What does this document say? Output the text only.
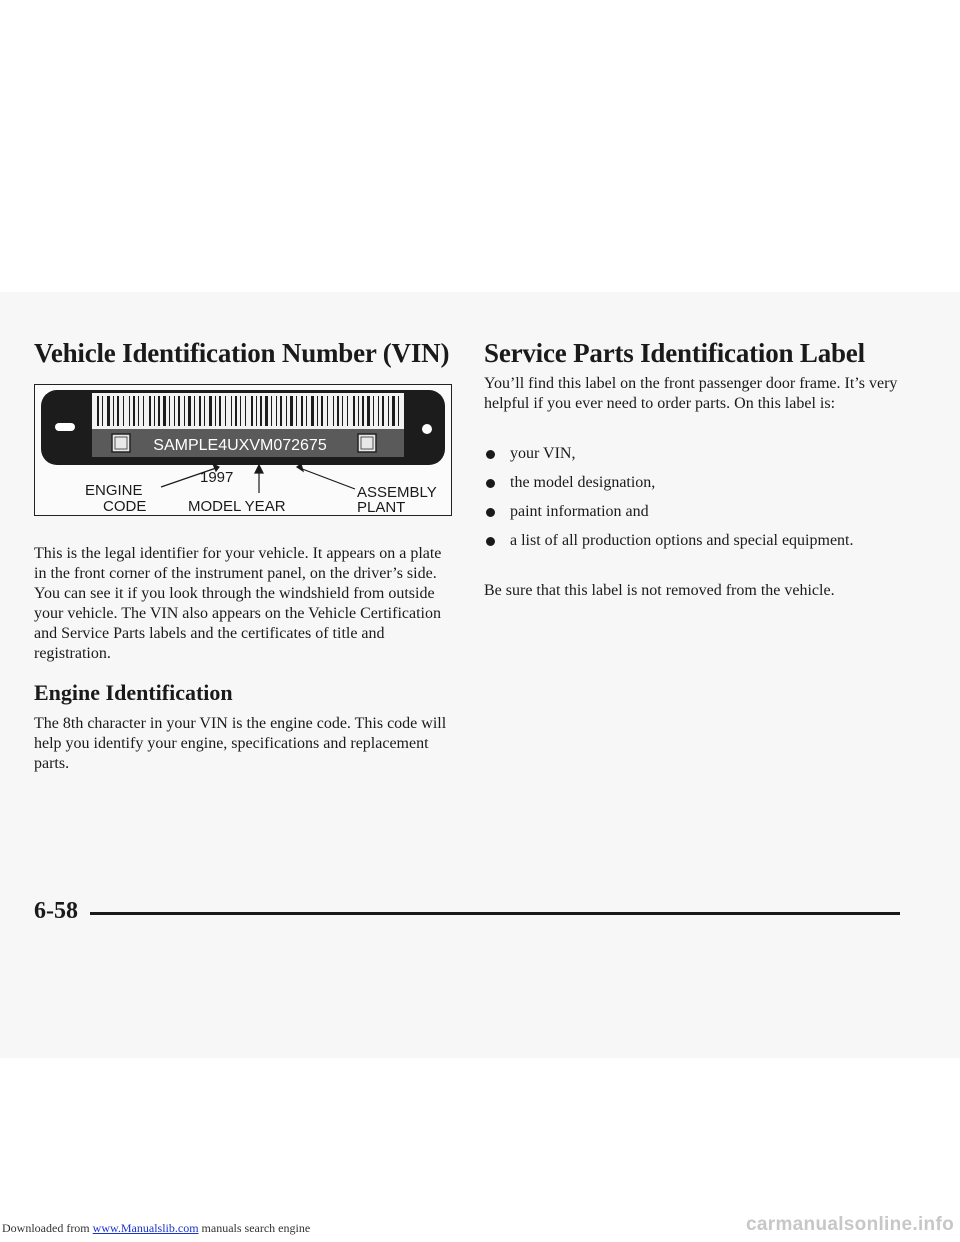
Vehicle Identification Number (VIN)
SAMPLE4UXVM072675
ENGINE
CODE
1997
MODEL YEAR
ASSEMBLY
PLANT

This is the legal identifier for your vehicle. It appears on a plate in the front corner of the instrument panel, on the driver’s side. You can see it if you look through the windshield from outside your vehicle. The VIN also appears on the Vehicle Certification and Service Parts labels and the certificates of title and registration.

Engine Identification

The 8th character in your VIN is the engine code. This code will help you identify your engine, specifications and replacement parts.

Service Parts Identification Label

You’ll find this label on the front passenger door frame. It’s very helpful if you ever need to order parts. On this label is:

your VIN,
the model designation,
paint information and
a list of all production options and special equipment.

Be sure that this label is not removed from the vehicle.

6-58
Downloaded from www.Manualslib.com manuals search engine	carmanualsonline.info
